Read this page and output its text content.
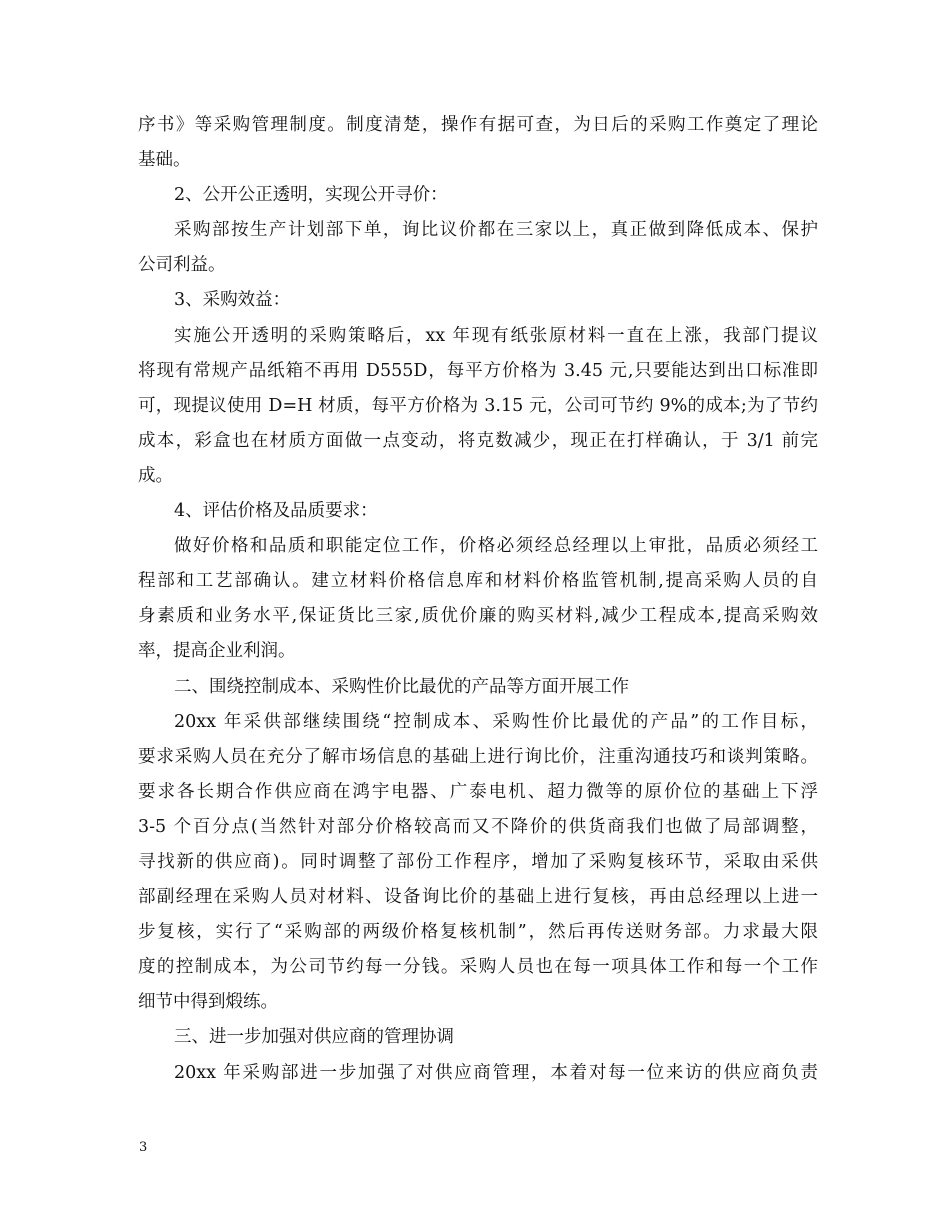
序书》等采购管理制度。制度清楚，操作有据可查，为日后的采购工作奠定了理论
基础。
2、公开公正透明，实现公开寻价：
采购部按生产计划部下单，询比议价都在三家以上，真正做到降低成本、保护
公司利益。
3、采购效益：
实施公开透明的采购策略后，xx 年现有纸张原材料一直在上涨，我部门提议
将现有常规产品纸箱不再用 D555D，每平方价格为 3.45 元,只要能达到出口标准即
可，现提议使用 D=H 材质，每平方价格为 3.15 元，公司可节约 9%的成本;为了节约
成本，彩盒也在材质方面做一点变动，将克数减少，现正在打样确认，于 3/1 前完
成。
4、评估价格及品质要求：
做好价格和品质和职能定位工作，价格必须经总经理以上审批，品质必须经工
程部和工艺部确认。建立材料价格信息库和材料价格监管机制,提高采购人员的自
身素质和业务水平,保证货比三家,质优价廉的购买材料,减少工程成本,提高采购效
率，提高企业利润。
二、围绕控制成本、采购性价比最优的产品等方面开展工作
20xx 年采供部继续围绕“控制成本、采购性价比最优的产品”的工作目标，
要求采购人员在充分了解市场信息的基础上进行询比价，注重沟通技巧和谈判策略。
要求各长期合作供应商在鸿宇电器、广泰电机、超力微等的原价位的基础上下浮
3-5 个百分点(当然针对部分价格较高而又不降价的供货商我们也做了局部调整，
寻找新的供应商)。同时调整了部份工作程序，增加了采购复核环节，采取由采供
部副经理在采购人员对材料、设备询比价的基础上进行复核，再由总经理以上进一
步复核，实行了“采购部的两级价格复核机制”，然后再传送财务部。力求最大限
度的控制成本，为公司节约每一分钱。采购人员也在每一项具体工作和每一个工作
细节中得到煅练。
三、进一步加强对供应商的管理协调
20xx 年采购部进一步加强了对供应商管理，本着对每一位来访的供应商负责
3
